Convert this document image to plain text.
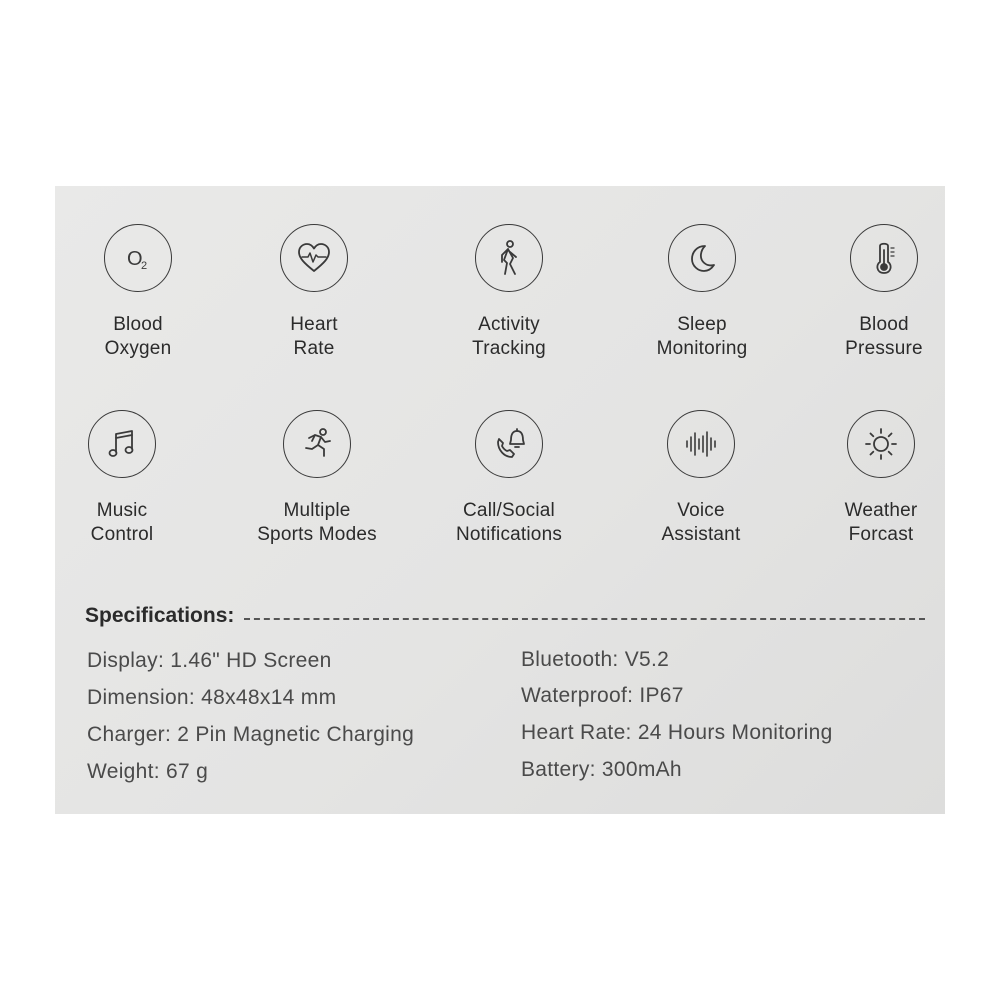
O
2
Blood
Oxygen
Heart
Rate
Activity
Tracking
Sleep
Monitoring
Blood
Pressure
Music
Control
Multiple
Sports Modes
Call/Social
Notifications
Voice
Assistant
Weather
Forcast
Specifications:
Display: 1.46" HD Screen
Dimension: 48x48x14 mm
Charger: 2 Pin Magnetic Charging
Weight: 67 g
Bluetooth: V5.2
Waterproof: IP67
Heart Rate: 24 Hours Monitoring
Battery: 300mAh
